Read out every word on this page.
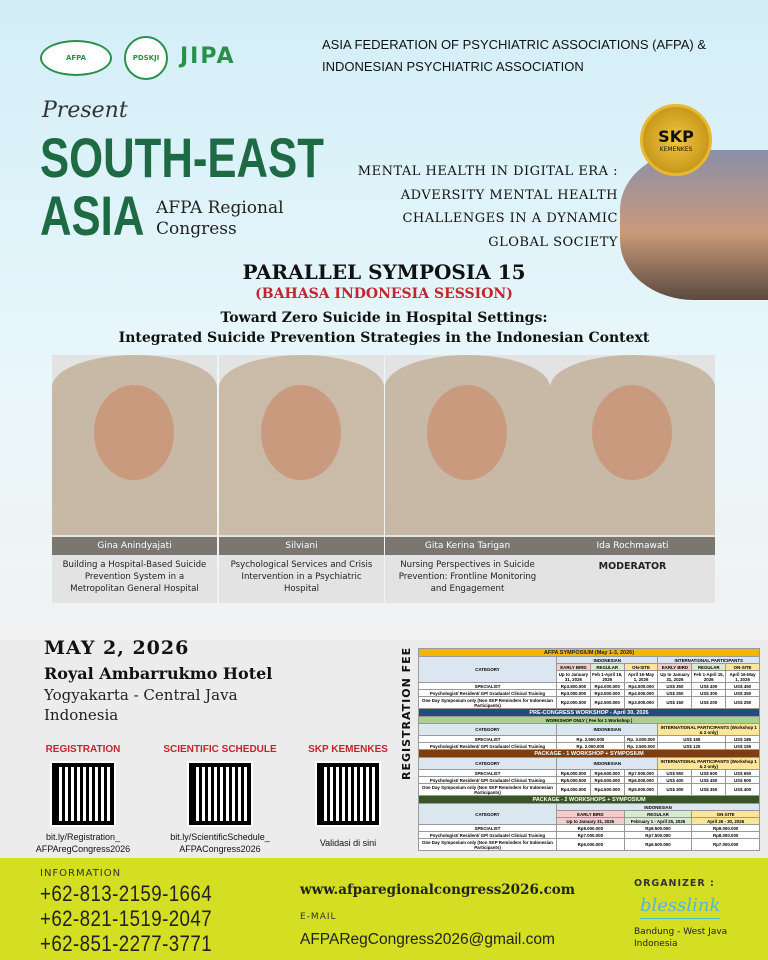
AFPA	PDSKJI JIPA	ASIA FEDERATION OF PSYCHIATRIC ASSOCIATIONS (AFPA) &
INDONESIAN PSYCHIATRIC ASSOCIATION
Present
SOUTH-EAST
ASIA AFPA Regional
Congress
MENTAL HEALTH IN DIGITAL ERA :
ADVERSITY MENTAL HEALTH
CHALLENGES IN A DYNAMIC
GLOBAL SOCIETY
SKP
KEMENKES
PARALLEL SYMPOSIA 15
(BAHASA INDONESIA SESSION)
Toward Zero Suicide in Hospital Settings:
Integrated Suicide Prevention Strategies in the Indonesian Context
Gina Anindyajati
Building a Hospital-Based Suicide Prevention System in a Metropolitan General Hospital
Silviani
Psychological Services and Crisis Intervention in a Psychiatric Hospital
Gita Kerina Tarigan
Nursing Perspectives in Suicide Prevention: Frontline Monitoring and Engagement
Ida Rochmawati
MODERATOR
MAY 2, 2026
Royal Ambarrukmo Hotel
Yogyakarta - Central Java
Indonesia
REGISTRATION
bit.ly/Registration_
AFPAregCongress2026
SCIENTIFIC SCHEDULE
bit.ly/ScientificSchedule_
AFPACongress2026
SKP KEMENKES
Validasi di sini
REGISTRATION FEE	AFPA SYMPOSIUM (May 1-3, 2026)						
CATEGORY	INDONESIAN			INTERNATIONAL PARTICIPANTS		
	EARLY BIRD	REGULAR	ON-SITE	EARLY BIRD	REGULAR	ON-SITE
	Up to January 31, 2026	Feb 1-April 15, 2026	April 16-May 1, 2026	Up to January 31, 2026	Feb 1-April 15, 2026	April 16-May 1, 2026
SPECIALIST	Rp3.500.000	Rp4.000.000	Rp4.500.000	US$ 350	US$ 400	US$ 450
Psychologist/ Resident/ GP/ Graduate/ Clinical Training	Rp3.000.000	Rp3.500.000	Rp4.000.000	US$ 250	US$ 300	US$ 350
One Day Symposium only (Non SKP Reminders for Indonesian Participants)	Rp2.000.000	Rp2.500.000	Rp3.000.000	US$ 150	US$ 200	US$ 250
PRE-CONGRESS WORKSHOP - April 30, 2026						
WORKSHOP ONLY ( Fee for 1 Workshop )						
CATEGORY	INDONESIAN			INTERNATIONAL PARTICIPANTS (Workshop 1 & 2 only)		
SPECIALIST	Rp. 2.500.000		Rp. 3.000.000	US$ 155		US$ 185
Psychologist/ Resident/ GP/ Graduate/ Clinical Training	Rp. 2.000.000		Rp. 2.500.000	US$ 125		US$ 155
PACKAGE - 1 WORKSHOP + SYMPOSIUM						
CATEGORY	INDONESIAN			INTERNATIONAL PARTICIPANTS (Workshop 1 & 2 only)		
SPECIALIST	Rp6.000.000	Rp6.500.000	Rp7.000.000	US$ 550	US$ 600	US$ 650
Psychologist/ Resident/ GP/ Graduate/ Clinical Training	Rp5.000.000	Rp5.500.000	Rp6.000.000	US$ 400	US$ 450	US$ 500
One Day Symposium only (Non SKP Reminders for Indonesian Participants)	Rp4.000.000	Rp4.500.000	Rp5.000.000	US$ 300	US$ 350	US$ 400
PACKAGE - 2 WORKSHOPS + SYMPOSIUM						
CATEGORY	INDONESIAN					
	EARLY BIRD		REGULAR		ON-SITE	
	Up to January 31, 2026		February 1 - April 25, 2026		April 26 - 30, 2026	
SPECIALIST	Rp8.000.000		Rp8.500.000		Rp9.000.000	
Psychologist/ Resident/ GP/ Graduate/ Clinical Training	Rp7.000.000		Rp7.500.000		Rp8.000.000	
One Day Symposium only (Non SKP Reminders for Indonesian Participants)	Rp6.000.000		Rp6.500.000		Rp7.000.000	
INFORMATION
+62-813-2159-1664
+62-821-1519-2047
+62-851-2277-3771
www.afparegionalcongress2026.com
E-MAIL
AFPARegCongress2026@gmail.com
ORGANIZER :
blesslink
Bandung - West Java
Indonesia
